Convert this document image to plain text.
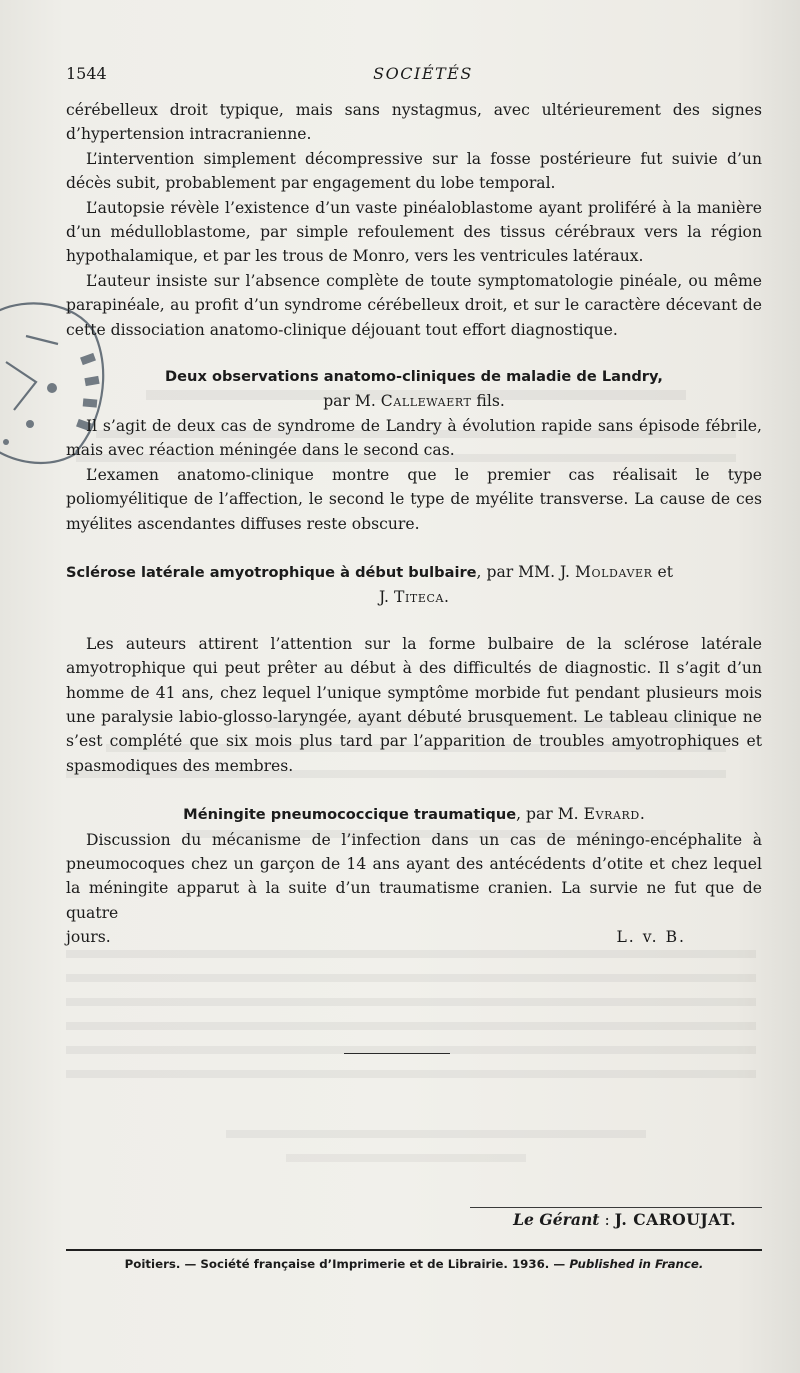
1544	SOCIÉTÉS

cérébelleux droit typique, mais sans nystagmus, avec ultérieurement des signes d’hypertension intracranienne.

L’intervention simplement décompressive sur la fosse postérieure fut suivie d’un décès subit, probablement par engagement du lobe temporal.

L’autopsie révèle l’existence d’un vaste pinéaloblastome ayant proliféré à la manière d’un médulloblastome, par simple refoulement des tissus cérébraux vers la région hypothalamique, et par les trous de Monro, vers les ventricules latéraux.

L’auteur insiste sur l’absence complète de toute symptomatologie pinéale, ou même parapinéale, au profit d’un syndrome cérébelleux droit, et sur le caractère décevant de cette dissociation anatomo-clinique déjouant tout effort diagnostique.

Deux observations anatomo-cliniques de maladie de Landry,

par M. Callewaert fils.

Il s’agit de deux cas de syndrome de Landry à évolution rapide sans épisode fébrile, mais avec réaction méningée dans le second cas.

L’examen anatomo-clinique montre que le premier cas réalisait le type poliomyélitique de l’affection, le second le type de myélite transverse. La cause de ces myélites ascendantes diffuses reste obscure.

Sclérose latérale amyotrophique à début bulbaire, par MM. J. Moldaver et

J. Titeca.

Les auteurs attirent l’attention sur la forme bulbaire de la sclérose latérale amyotrophique qui peut prêter au début à des difficultés de diagnostic. Il s’agit d’un homme de 41 ans, chez lequel l’unique symptôme morbide fut pendant plusieurs mois une paralysie labio-glosso-laryngée, ayant débuté brusquement. Le tableau clinique ne s’est complété que six mois plus tard par l’apparition de troubles amyotrophiques et spasmodiques des membres.

Méningite pneumococcique traumatique, par M. Evrard.

Discussion du mécanisme de l’infection dans un cas de méningo-encéphalite à pneumocoques chez un garçon de 14 ans ayant des antécédents d’otite et chez lequel la méningite apparut à la suite d’un traumatisme cranien. La survie ne fut que de quatre

jours.	L. v. B.

Le Gérant : J. CAROUJAT.
Poitiers. — Société française d’Imprimerie et de Librairie. 1936. — Published in France.
